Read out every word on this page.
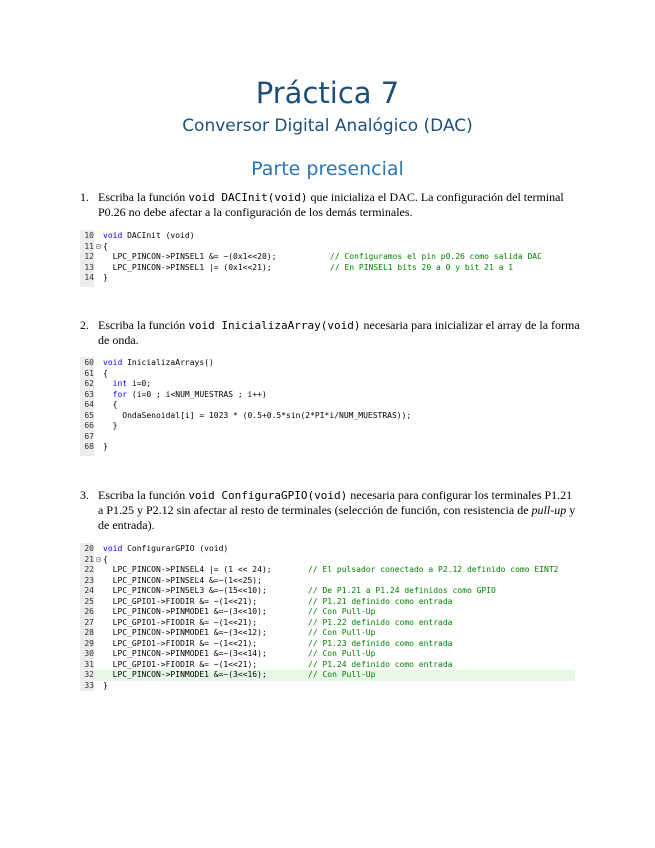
Práctica 7
Conversor Digital Analógico (DAC)
Parte presencial
1. Escriba la función void DACInit(void) que inicializa el DAC. La configuración del terminal P0.26 no debe afectar a la configuración de los demás terminales.
10 void DACInit (void)
11 ⊟ {
12 LPC_PINCON->PINSEL1 &= ~(0x1<<20);	// Configuramos el pin p0.26 como salida DAC
13 LPC_PINCON->PINSEL1 |= (0x1<<21);	// En PINSEL1 bits 20 a 0 y bit 21 a 1
14 }
2. Escriba la función void InicializaArray(void) necesaria para inicializar el array de la forma de onda.
60 void InicializaArrays()
61 {
62	int i=0;
63	for (i=0 ; i<NUM_MUESTRAS ; i++)
64 {
65 OndaSenoidal[i] = 1023 * (0.5+0.5*sin(2*PI*i/NUM_MUESTRAS));
66 }
67
68 }
3. Escriba la función void ConfiguraGPIO(void) necesaria para configurar los terminales P1.21 a P1.25 y P2.12 sin afectar al resto de terminales (selección de función, con resistencia de pull-up y de entrada).
20 void ConfigurarGPIO (void)
21 ⊟ {
22 LPC_PINCON->PINSEL4 |= (1 << 24);	// El pulsador conectado a P2.12 definido como EINT2
23 LPC_PINCON->PINSEL4 &=~(1<<25);
24 LPC_PINCON->PINSEL3 &=~(15<<10);	// De P1.21 a P1.24 definidos como GPIO
25 LPC_GPIO1->FIODIR &= ~(1<<21);	// P1.21 definido como entrada
26 LPC_PINCON->PINMODE1 &=~(3<<10);	// Con Pull-Up
27 LPC_GPIO1->FIODIR &= ~(1<<21);	// P1.22 definido como entrada
28 LPC_PINCON->PINMODE1 &=~(3<<12);	// Con Pull-Up
29 LPC_GPIO1->FIODIR &= ~(1<<21);	// P1.23 definido como entrada
30 LPC_PINCON->PINMODE1 &=~(3<<14);	// Con Pull-Up
31 LPC_GPIO1->FIODIR &= ~(1<<21);	// P1.24 definido como entrada
32 LPC_PINCON->PINMODE1 &=~(3<<16);	// Con Pull-Up
33 }
